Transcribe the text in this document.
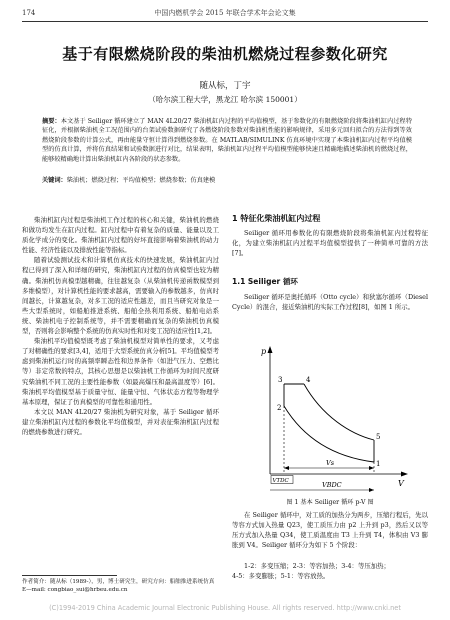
174	中国内燃机学会 2015 年联合学术年会论文集
基于有限燃烧阶段的柴油机燃烧过程参数化研究
随从标，丁宇
（哈尔滨工程大学，黑龙江 哈尔滨 150001）
摘要：本文基于 Seiliger 循环建立了 MAN 4L20/27 柴油机缸内过程的平均值模型，基于参数化的有限燃烧阶段将柴油机缸内过程特征化，并根据柴油机全工况范围内的台架试验数据研究了各燃烧阶段参数对柴油机性能的影响规律，采用多元回归拟合的方法得到等效燃烧阶段参数的计算公式，再由能量守恒计算得到燃烧参数。在 MATLAB/SIMULINK 仿真环境中实现了本柴油机缸内过程平均值模型的仿真计算，并将仿真结果和试验数据进行对比，结果表明，柴油机缸内过程平均值模型能够快速且精确地描述柴油机的燃烧过程，能够较精确地计算出柴油机缸内各阶段的状态参数。
关键词：柴油机；燃烧过程；平均值模型；燃烧参数；仿真建模

柴油机缸内过程是柴油机工作过程的核心和关键，柴油机的燃烧和做功均发生在缸内过程。缸内过程中有着复杂的质量、能量以及工质化学成分的变化。柴油机缸内过程的好坏直接影响着柴油机的动力性能、经济性能以及排放性能等指标。

随着试验测试技术和计算机仿真技术的快速发展，柴油机缸内过程已得到了深入和详细的研究，柴油机缸内过程的仿真模型也较为精确。柴油机仿真模型越精确，往往越复杂（从柴油机传递函数模型到多维模型），对计算机性能的要求越高，需要输入的参数越多，仿真时间越长，计算越复杂，对多工况的适应性越差，而且当研究对象是一些大型系统时，如船舶推进系统、船舶全热利用系统、船舶电站系统、柴油机电子控制系统等，并不需要精确而复杂的柴油机仿真模型，否则将会影响整个系统的仿真实时性和对变工况的适应性[1,2]。

柴油机平均值模型既考虑了柴油机模型对简单性的要求，又考虑了对精确性的要求[3,4]，适用于大型系统仿真分析[5]。平均值模型考虑到柴油机运行时的高频率瞬态性和边界条件（如进气压力、空燃比等）非定常数的特点，其核心思想是以柴油机工作循环为时间尺度研究柴油机不同工况的主要性能参数（如最高爆压和最高温度等）[6]。柴油机平均值模型基于质量守恒、能量守恒、气体状态方程等物理学基本原理，保证了仿真模型的可靠性和通用性。

本文以 MAN 4L20/27 柴油机为研究对象，基于 Seiliger 循环建立柴油机缸内过程的参数化平均值模型，并对表征柴油机缸内过程的燃烧参数进行研究。

1 特征化柴油机缸内过程
Seiliger 循环用参数化的有限燃烧阶段将柴油机缸内过程特征化，为建立柴油机缸内过程平均值模型提供了一种简单可靠的方法[7]。
1.1 Seiliger 循环
Seiliger 循环是奥托循环（Otto cycle）和狄塞尔循环（Diesel Cycle）的混合，接近柴油机的实际工作过程[8]，如图 1 所示。
p
V
3	4
2
5
1
Vs
VBDC
VTDC
图 1 基本 Seiliger 循环 p-V 图
在 Seiliger 循环中，对工质的加热分为两步，压缩行程后，先以等容方式加入热量 Q23，使工质压力由 p2 上升到 p3，然后又以等压方式加入热量 Q34，使工质温度由 T3 上升到 T4，体积由 V3 膨胀到 V4。Seiliger 循环分为如下 5 个阶段：
1-2：多变压缩；2-3：等容加热；3-4：等压加热；
4-5：多变膨胀；5-1：等容放热。
作者简介：随从标（1989-），男，博士研究生，研究方向：船舶推进系统仿真
E—mail: congbiao_sui@hrbeu.edu.cn
(C)1994-2019 China Academic Journal Electronic Publishing House. All rights reserved. http://www.cnki.net
